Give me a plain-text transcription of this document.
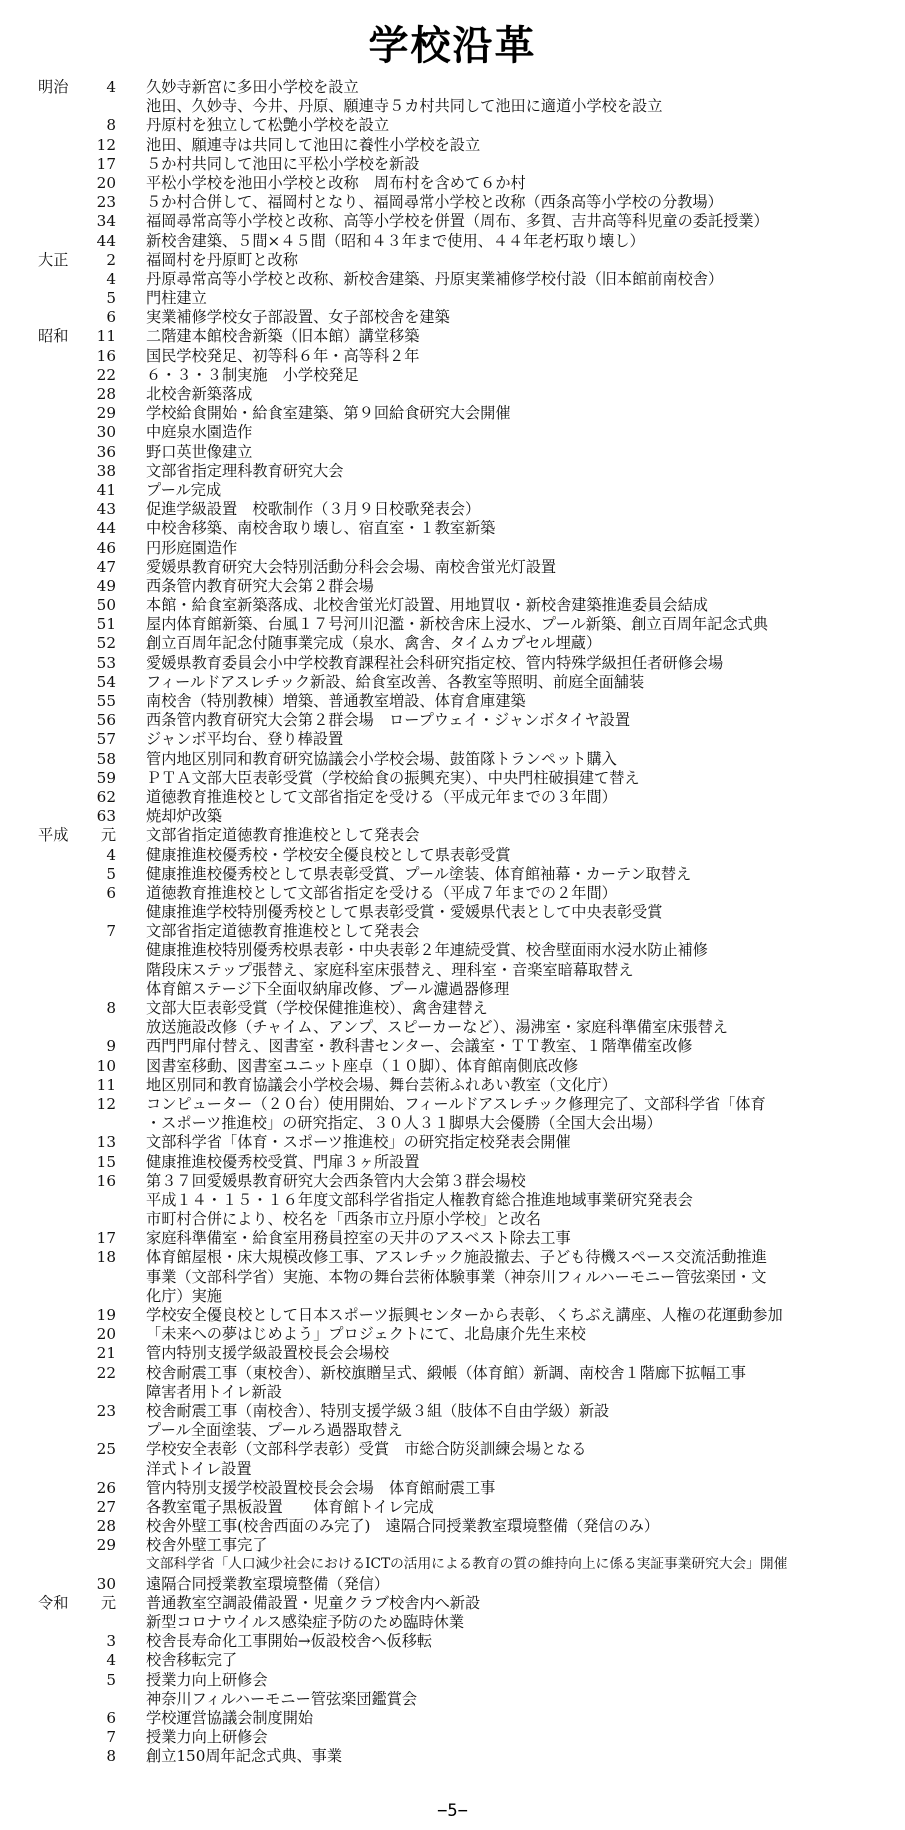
学校沿革
明治	4 久妙寺新宮に多田小学校を設立
池田、久妙寺、今井、丹原、願連寺５カ村共同して池田に適道小学校を設立
8 丹原村を独立して松艶小学校を設立
12 池田、願連寺は共同して池田に養性小学校を設立
17 ５か村共同して池田に平松小学校を新設
20 平松小学校を池田小学校と改称　周布村を含めて６か村
23 ５か村合併して、福岡村となり、福岡尋常小学校と改称（西条高等小学校の分教場）
34 福岡尋常高等小学校と改称、高等小学校を併置（周布、多賀、吉井高等科児童の委託授業）
44 新校舎建築、５間×４５間（昭和４３年まで使用、４４年老朽取り壊し）
大正	2 福岡村を丹原町と改称
4 丹原尋常高等小学校と改称、新校舎建築、丹原実業補修学校付設（旧本館前南校舎）
5 門柱建立
6 実業補修学校女子部設置、女子部校舎を建築
昭和	11 二階建本館校舎新築（旧本館）講堂移築
16 国民学校発足、初等科６年・高等科２年
22 ６・３・３制実施　小学校発足
28 北校舎新築落成
29 学校給食開始・給食室建築、第９回給食研究大会開催
30 中庭泉水園造作
36 野口英世像建立
38 文部省指定理科教育研究大会
41 プール完成
43 促進学級設置　校歌制作（３月９日校歌発表会）
44 中校舎移築、南校舎取り壊し、宿直室・１教室新築
46 円形庭園造作
47 愛媛県教育研究大会特別活動分科会会場、南校舎蛍光灯設置
49 西条管内教育研究大会第２群会場
50 本館・給食室新築落成、北校舎蛍光灯設置、用地買収・新校舎建築推進委員会結成
51 屋内体育館新築、台風１７号河川氾濫・新校舎床上浸水、プール新築、創立百周年記念式典
52 創立百周年記念付随事業完成（泉水、禽舎、タイムカプセル埋蔵）
53 愛媛県教育委員会小中学校教育課程社会科研究指定校、管内特殊学級担任者研修会場
54 フィールドアスレチック新設、給食室改善、各教室等照明、前庭全面舗装
55 南校舎（特別教棟）増築、普通教室増設、体育倉庫建築
56 西条管内教育研究大会第２群会場　ロープウェイ・ジャンボタイヤ設置
57 ジャンボ平均台、登り棒設置
58 管内地区別同和教育研究協議会小学校会場、鼓笛隊トランペット購入
59 ＰＴＡ文部大臣表彰受賞（学校給食の振興充実）、中央門柱破損建て替え
62 道徳教育推進校として文部省指定を受ける（平成元年までの３年間）
63 焼却炉改築
平成	元 文部省指定道徳教育推進校として発表会
4 健康推進校優秀校・学校安全優良校として県表彰受賞
5 健康推進校優秀校として県表彰受賞、プール塗装、体育館袖幕・カーテン取替え
6 道徳教育推進校として文部省指定を受ける（平成７年までの２年間）
健康推進学校特別優秀校として県表彰受賞・愛媛県代表として中央表彰受賞
7 文部省指定道徳教育推進校として発表会
健康推進校特別優秀校県表彰・中央表彰２年連続受賞、校舎壁面雨水浸水防止補修
階段床ステップ張替え、家庭科室床張替え、理科室・音楽室暗幕取替え
体育館ステージ下全面収納扉改修、プール濾過器修理
8 文部大臣表彰受賞（学校保健推進校）、禽舎建替え
放送施設改修（チャイム、アンプ、スピーカーなど）、湯沸室・家庭科準備室床張替え
9 西門門扉付替え、図書室・教科書センター、会議室・ＴＴ教室、１階準備室改修
10 図書室移動、図書室ユニット座卓（１０脚）、体育館南側底改修
11 地区別同和教育協議会小学校会場、舞台芸術ふれあい教室（文化庁）
12 コンピューター（２０台）使用開始、フィールドアスレチック修理完了、文部科学省「体育
・スポーツ推進校」の研究指定、３０人３１脚県大会優勝（全国大会出場）
13 文部科学省「体育・スポーツ推進校」の研究指定校発表会開催
15 健康推進校優秀校受賞、門扉３ヶ所設置
16 第３７回愛媛県教育研究大会西条管内大会第３群会場校
平成１４・１５・１６年度文部科学省指定人権教育総合推進地域事業研究発表会
市町村合併により、校名を「西条市立丹原小学校」と改名
17 家庭科準備室・給食室用務員控室の天井のアスベスト除去工事
18 体育館屋根・床大規模改修工事、アスレチック施設撤去、子ども待機スペース交流活動推進
事業（文部科学省）実施、本物の舞台芸術体験事業（神奈川フィルハーモニー管弦楽団・文
化庁）実施
19 学校安全優良校として日本スポーツ振興センターから表彰、くちぶえ講座、人権の花運動参加
20 「未来への夢はじめよう」プロジェクトにて、北島康介先生来校
21 管内特別支援学級設置校長会会場校
22 校舎耐震工事（東校舎）、新校旗贈呈式、緞帳（体育館）新調、南校舎１階廊下拡幅工事
障害者用トイレ新設
23 校舎耐震工事（南校舎）、特別支援学級３組（肢体不自由学級）新設
プール全面塗装、プールろ過器取替え
25 学校安全表彰（文部科学表彰）受賞　市総合防災訓練会場となる
洋式トイレ設置
26 管内特別支援学校設置校長会会場　体育館耐震工事
27 各教室電子黒板設置　　体育館トイレ完成
28 校舎外壁工事(校舎西面のみ完了)　遠隔合同授業教室環境整備（発信のみ）
29 校舎外壁工事完了
文部科学省「人口減少社会におけるICTの活用による教育の質の維持向上に係る実証事業研究大会」開催
30 遠隔合同授業教室環境整備（発信）
令和	元 普通教室空調設備設置・児童クラブ校舎内へ新設
新型コロナウイルス感染症予防のため臨時休業
3 校舎長寿命化工事開始→仮設校舎へ仮移転
4 校舎移転完了
5 授業力向上研修会
神奈川フィルハーモニー管弦楽団鑑賞会
6 学校運営協議会制度開始
7 授業力向上研修会
8 創立150周年記念式典、事業
−5−
